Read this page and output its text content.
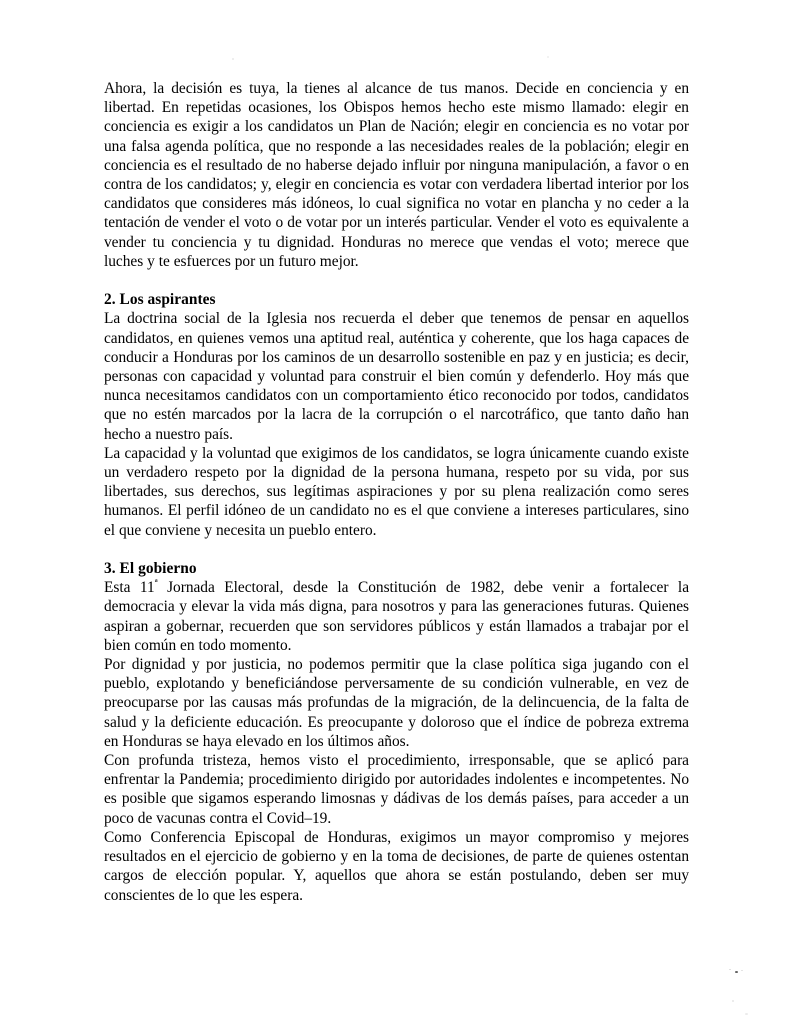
Ahora, la decisión es tuya, la tienes al alcance de tus manos. Decide en conciencia y en libertad. En repetidas ocasiones, los Obispos hemos hecho este mismo llamado: elegir en conciencia es exigir a los candidatos un Plan de Nación; elegir en conciencia es no votar por una falsa agenda política, que no responde a las necesidades reales de la población; elegir en conciencia es el resultado de no haberse dejado influir por ninguna manipulación, a favor o en contra de los candidatos; y, elegir en conciencia es votar con verdadera libertad interior por los candidatos que consideres más idóneos, lo cual significa no votar en plancha y no ceder a la tentación de vender el voto o de votar por un interés particular. Vender el voto es equivalente a vender tu conciencia y tu dignidad. Honduras no merece que vendas el voto; merece que luches y te esfuerces por un futuro mejor.

2. Los aspirantes

La doctrina social de la Iglesia nos recuerda el deber que tenemos de pensar en aquellos candidatos, en quienes vemos una aptitud real, auténtica y coherente, que los haga capaces de conducir a Honduras por los caminos de un desarrollo sostenible en paz y en justicia; es decir, personas con capacidad y voluntad para construir el bien común y defenderlo. Hoy más que nunca necesitamos candidatos con un comportamiento ético reconocido por todos, candidatos que no estén marcados por la lacra de la corrupción o el narcotráfico, que tanto daño han hecho a nuestro país.

La capacidad y la voluntad que exigimos de los candidatos, se logra únicamente cuando existe un verdadero respeto por la dignidad de la persona humana, respeto por su vida, por sus libertades, sus derechos, sus legítimas aspiraciones y por su plena realización como seres humanos. El perfil idóneo de un candidato no es el que conviene a intereses particulares, sino el que conviene y necesita un pueblo entero.

3. El gobierno

Esta $11^ª$ Jornada Electoral, desde la Constitución de 1982, debe venir a fortalecer la democracia y elevar la vida más digna, para nosotros y para las generaciones futuras. Quienes aspiran a gobernar, recuerden que son servidores públicos y están llamados a trabajar por el bien común en todo momento.

Por dignidad y por justicia, no podemos permitir que la clase política siga jugando con el pueblo, explotando y beneficiándose perversamente de su condición vulnerable, en vez de preocuparse por las causas más profundas de la migración, de la delincuencia, de la falta de salud y la deficiente educación. Es preocupante y doloroso que el índice de pobreza extrema en Honduras se haya elevado en los últimos años.

Con profunda tristeza, hemos visto el procedimiento, irresponsable, que se aplicó para enfrentar la Pandemia; procedimiento dirigido por autoridades indolentes e incompetentes. No es posible que sigamos esperando limosnas y dádivas de los demás países, para acceder a un poco de vacunas contra el Covid–19.

Como Conferencia Episcopal de Honduras, exigimos un mayor compromiso y mejores resultados en el ejercicio de gobierno y en la toma de decisiones, de parte de quienes ostentan cargos de elección popular. Y, aquellos que ahora se están postulando, deben ser muy conscientes de lo que les espera.
